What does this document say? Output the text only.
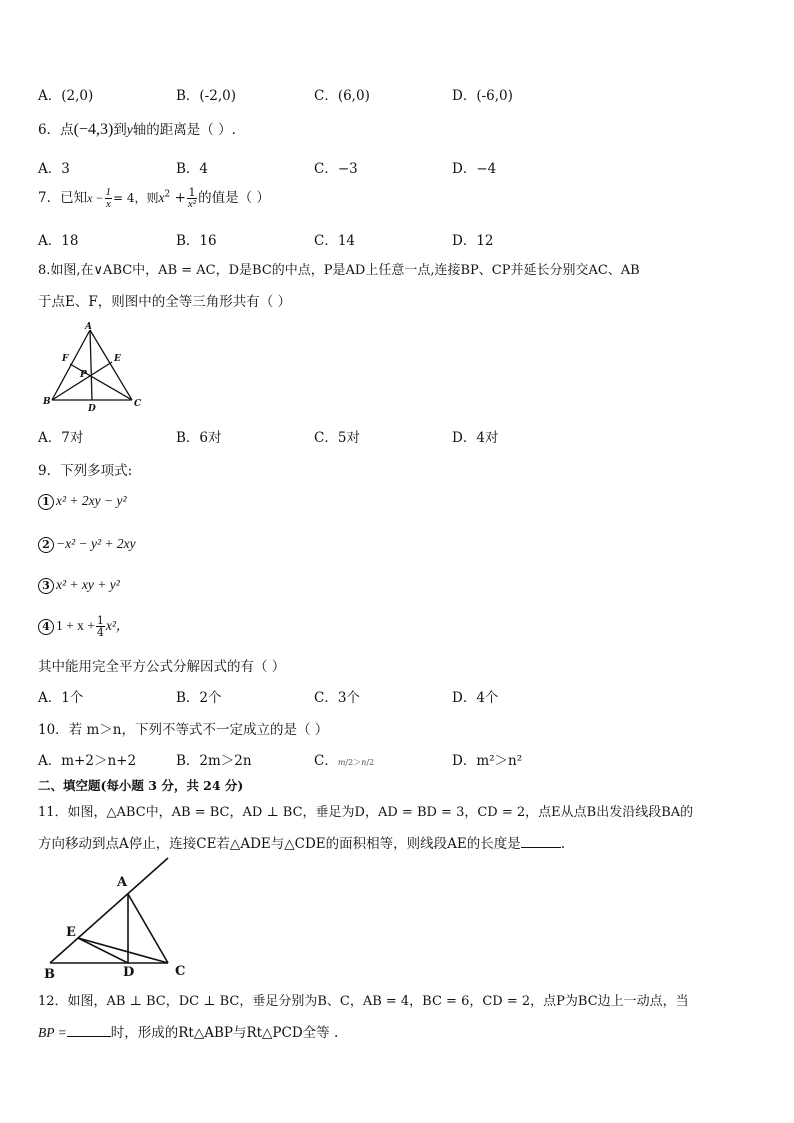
A．(2,0)	B．(-2,0)	C．(6,0)	D．(-6,0)
6．点(−4,3)到y轴的距离是（ ）.
A．3	B．4	C．−3	D．−4
7．已知$x - \frac{1}{x} = 4$，则$x^2 + \frac{1}{\text{x²}}$ 的值是（ ）
A．18	B．16	C．14	D．12
8.如图,在∨ABC中，AB = AC，D是BC的中点，P是AD上任意一点,连接BP、CP并延长分别交AC、AB
于点E、F，则图中的全等三角形共有（ ）
A
B	C
D
E
F
P
A．7对	B．6对	C．5对	D．4对
9．下列多项式:
1 x² + 2xy − y²
2 −x² − y² + 2xy
3 x² + xy + y²
4 $1 + x + \frac{1}{4} x^2$，
其中能用完全平方公式分解因式的有（ ）
A．1个	B．2个	C．3个	D．4个
10．若 m＞n，下列不等式不一定成立的是（ ）
A．m+2＞n+2	B．2m＞2n	C．𝑚/2＞𝑛/2	D．m²＞n²
二、填空题(每小题 3 分，共 24 分)
11．如图，△ABC中，AB = BC，AD ⊥ BC，垂足为D，AD = BD = 3，CD = 2，点E从点B出发沿线段BA的
方向移动到点A停止，连接CE若△ADE与△CDE的面积相等，则线段AE的长度是	.
A
B	C
D
E
12．如图，AB ⊥ BC，DC ⊥ BC，垂足分别为B、C，AB = 4，BC = 6，CD = 2，点P为BC边上一动点，当
BP =	时，形成的Rt△ABP与Rt△PCD全等 .
